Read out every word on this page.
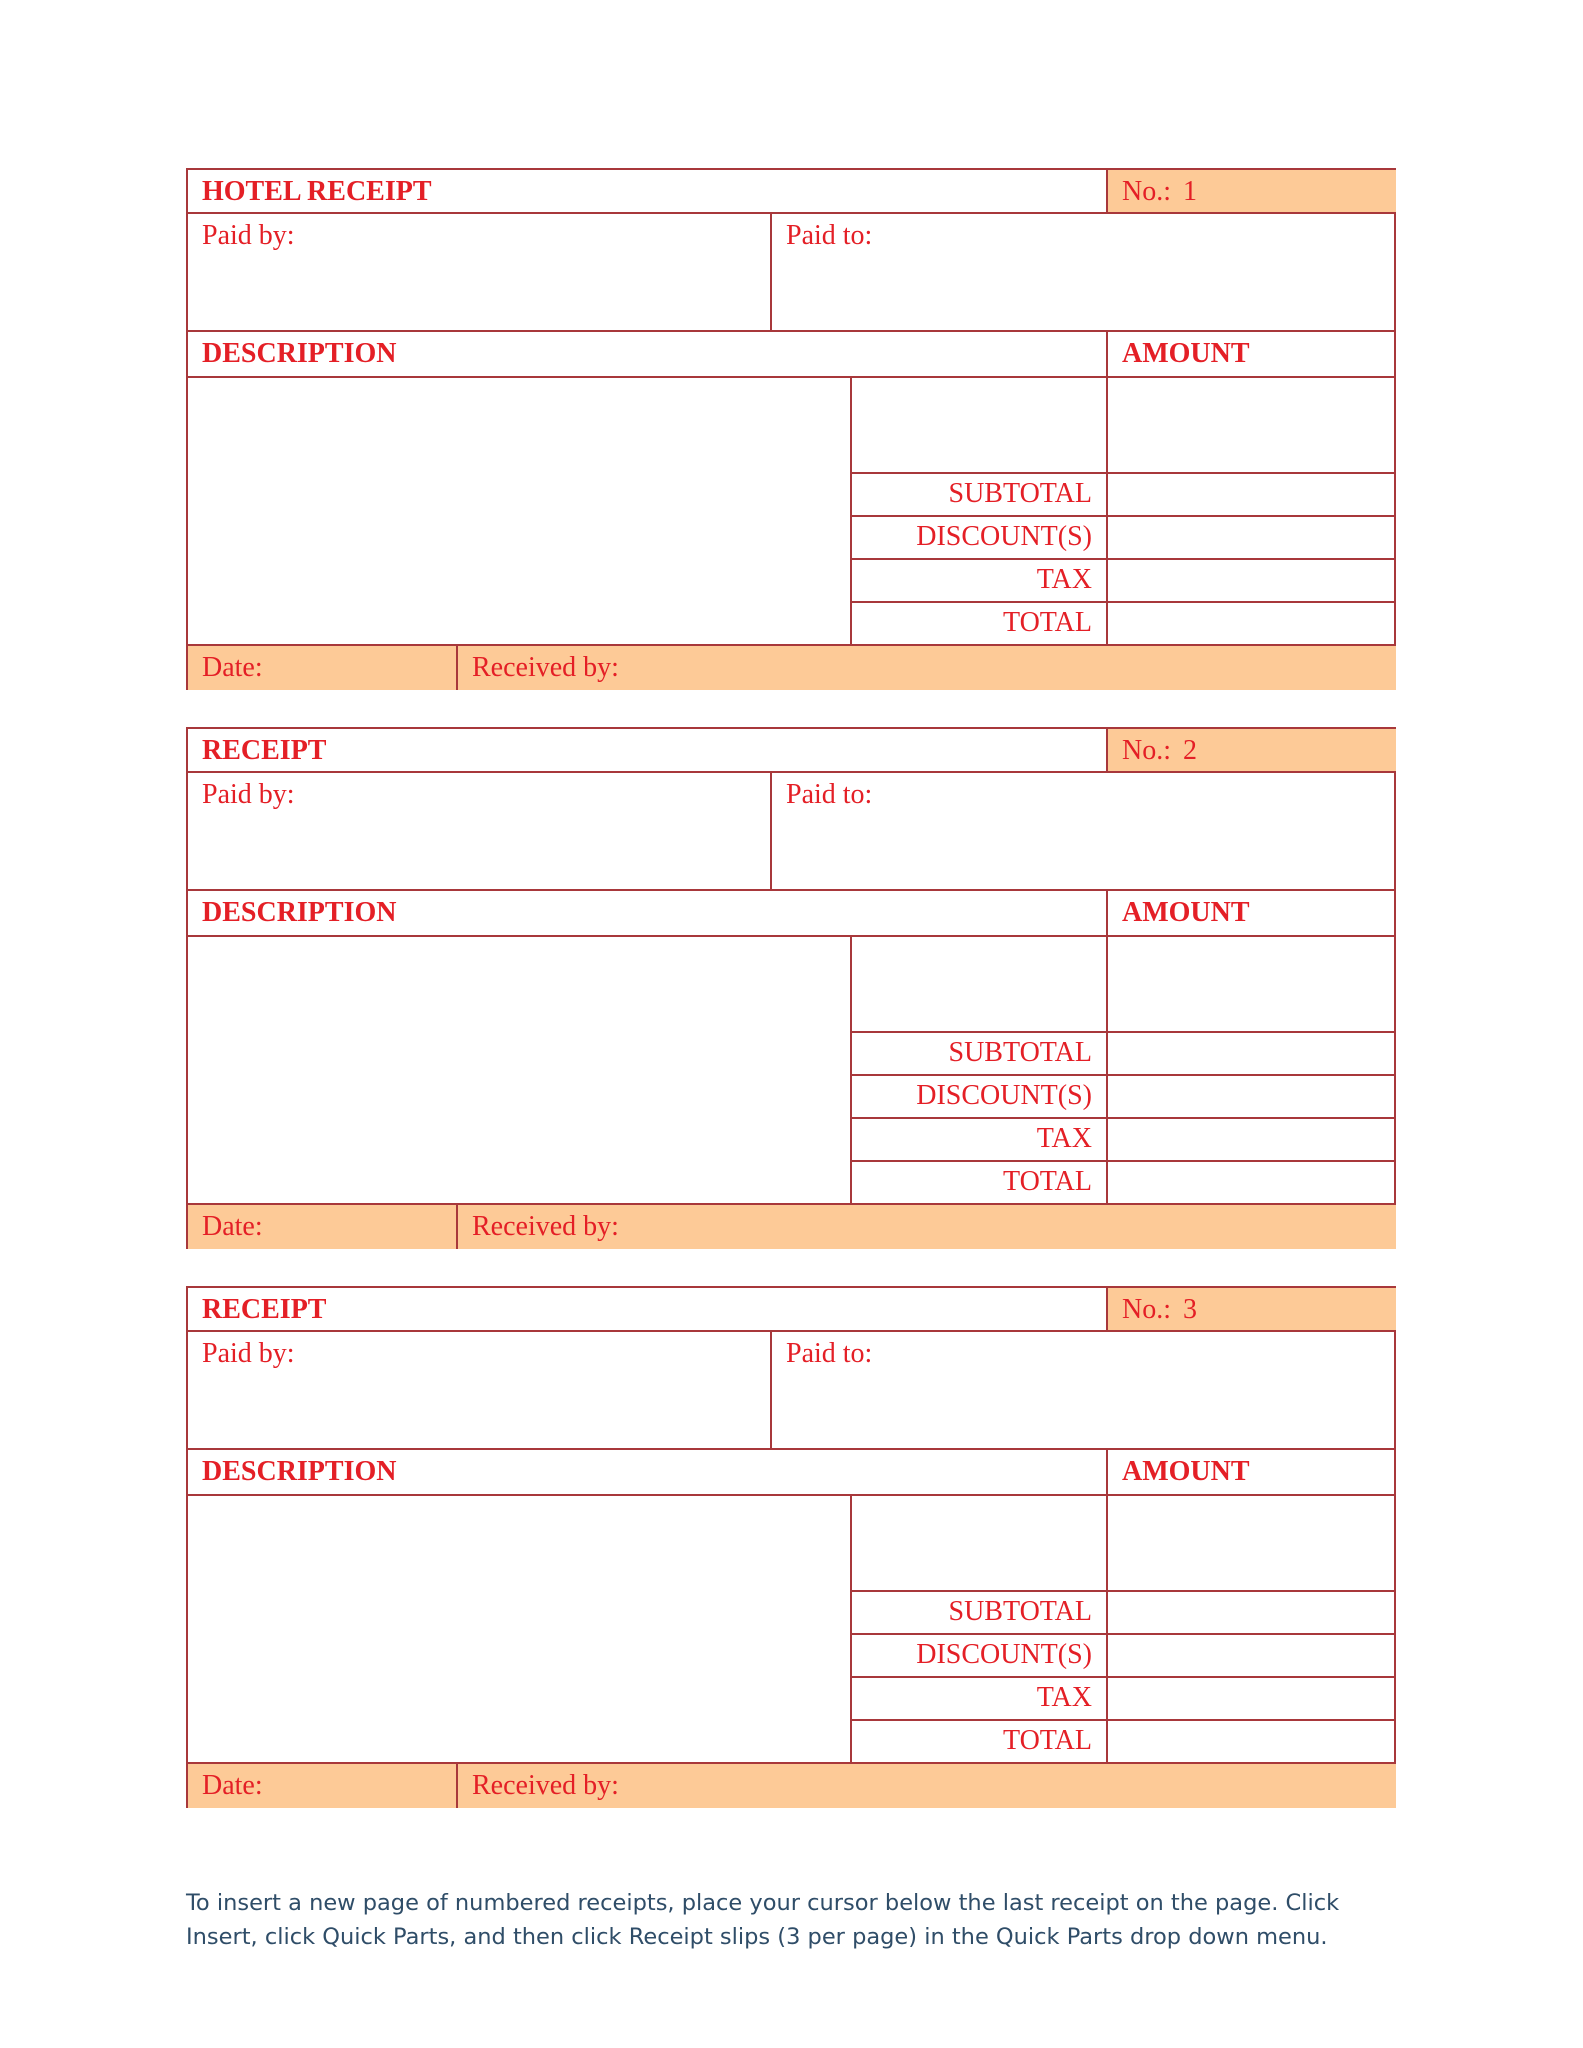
HOTEL RECEIPT	No.: 1
Paid by:	Paid to:
DESCRIPTION	AMOUNT
SUBTOTAL
DISCOUNT(S)
TAX
TOTAL
Date:	Received by:
RECEIPT	No.: 2
Paid by:	Paid to:
DESCRIPTION	AMOUNT
SUBTOTAL
DISCOUNT(S)
TAX
TOTAL
Date:	Received by:
RECEIPT	No.: 3
Paid by:	Paid to:
DESCRIPTION	AMOUNT
SUBTOTAL
DISCOUNT(S)
TAX
TOTAL
Date:	Received by:
To insert a new page of numbered receipts, place your cursor below the last receipt on the page. Click Insert, click Quick Parts, and then click Receipt slips (3 per page) in the Quick Parts drop down menu.
